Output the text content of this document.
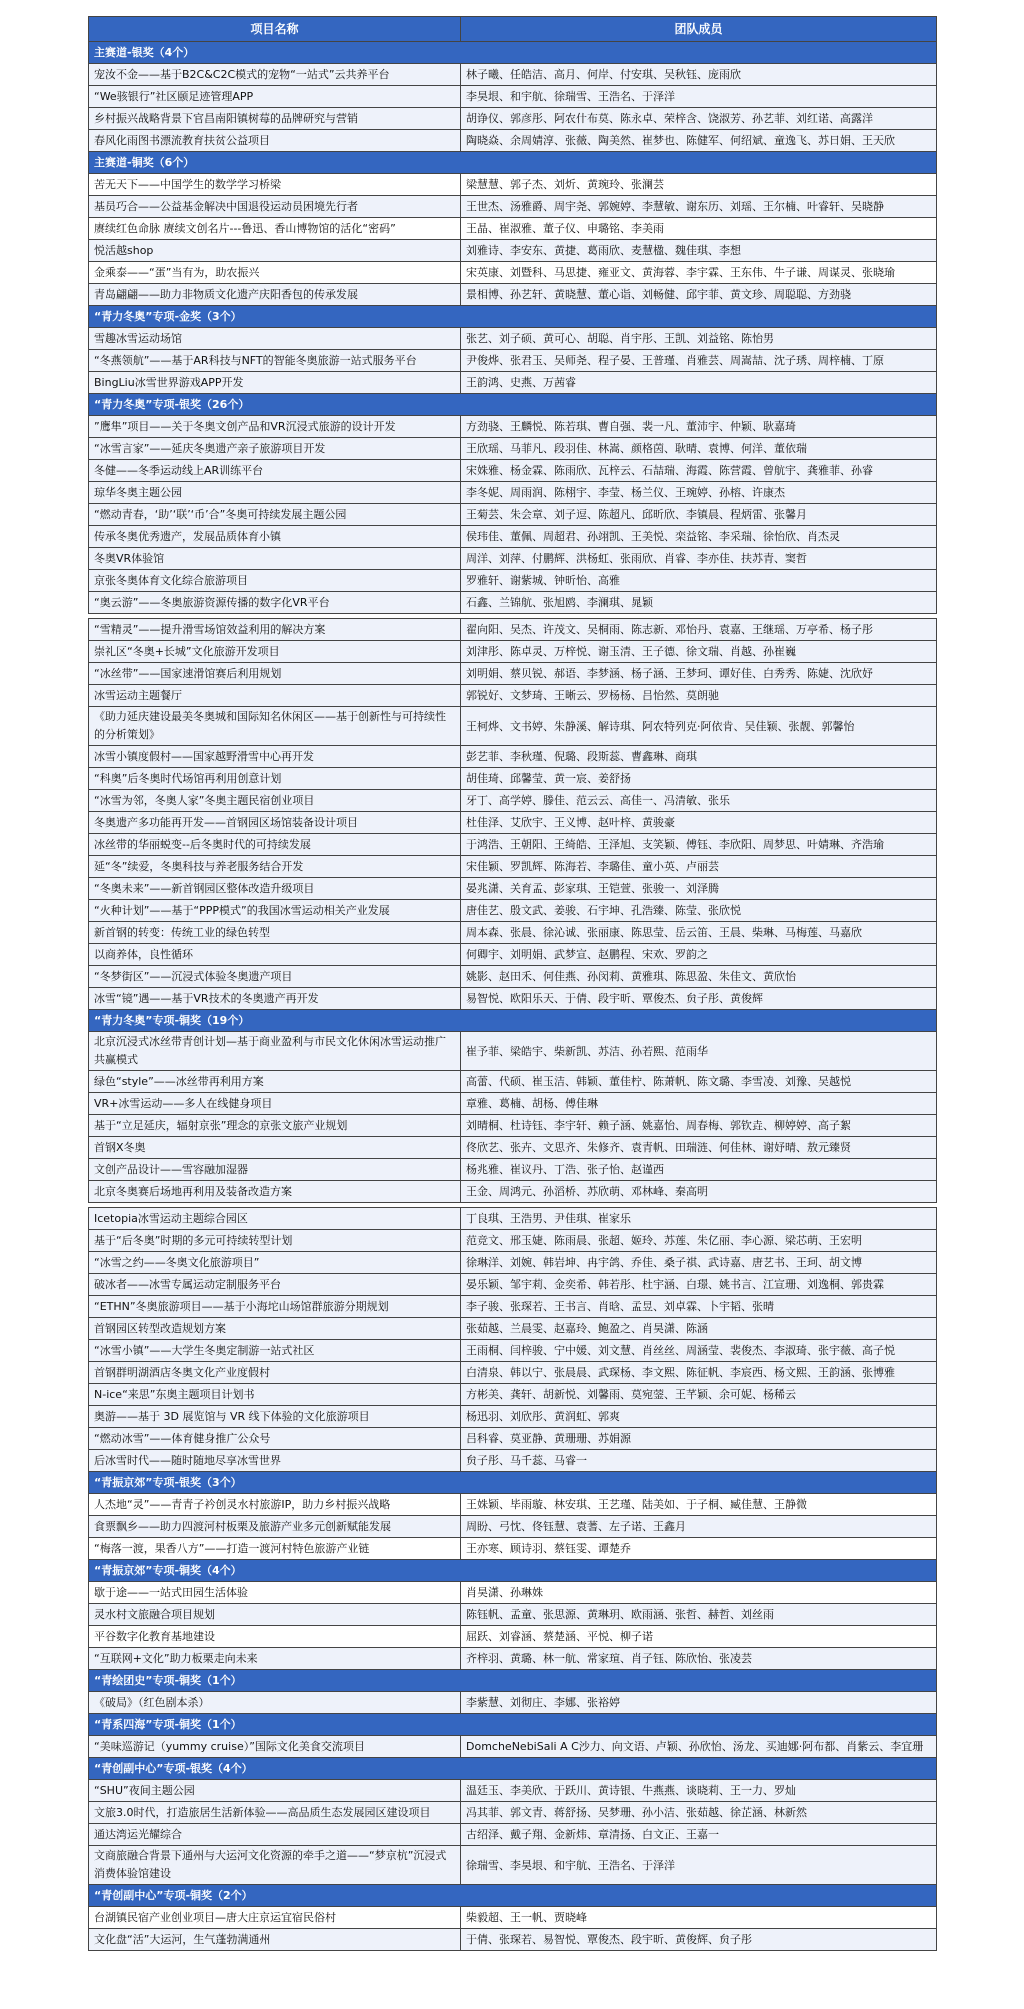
项目名称	团队成员
主赛道-银奖（4个）	
宠汝不金——基于B2C&C2C模式的宠物“一站式”云共养平台	林子曦、任皓洁、高月、何岸、付安琪、吴秋钰、庞雨欣
“We骇银行”社区颐足迹管理APP	李昊垠、和宇航、徐瑞雪、王浩名、于泽洋
乡村振兴战略背景下官昌南阳镇树莓的品牌研究与营销	胡诤仪、郭彦彤、阿农什布莫、陈永卓、荣梓含、饶淑芳、孙艺菲、刘红诺、高露洋
春风化雨图书漂流教育扶贫公益项目	陶晓焱、余周婧淳、张薇、陶美然、崔梦也、陈健军、何绍斌、童逸飞、苏日娟、王天欣
主赛道-铜奖（6个）	
苦无天下——中国学生的数学学习桥梁	梁慧慧、郭子杰、刘炘、黄琬玲、张澜芸
基员巧合——公益基金解决中国退役运动员困境先行者	王世杰、汤雅爵、周宇尧、郭婉婷、李慧敏、谢东历、刘瑶、王尔楠、叶睿轩、吴晓静
赓续红色命脉 赓续文创名片---鲁迅、香山博物馆的活化“密码”	王晶、崔淑雅、董子仪、申璐铭、李美雨
悦活越shop	刘雅诗、李安东、黄捷、葛雨欣、麦慧楹、魏佳琪、李想
金乘泰——“蛋”当有为，助农振兴	宋英康、刘暨科、马思捷、雍亚文、黄海蓉、李宇霖、王东伟、牛子谦、周谋灵、张晓瑜
青岛翩翩——助力非物质文化遗产庆阳香包的传承发展	景相博、孙艺轩、黄晓慧、董心诣、刘畅健、邱宇菲、黄文珍、周聪聪、方劲骁
“青力冬奥”专项-金奖（3个）	
雪趣冰雪运动场馆	张艺、刘子硕、黄可心、胡聪、肖宇彤、王凯、刘益铭、陈怡男
“冬燕领航”——基于AR科技与NFT的智能冬奥旅游一站式服务平台	尹俊烨、张君玉、吴师尧、程子晏、王普瑾、肖雅芸、周嵩喆、沈子琇、周梓楠、丁原
BingLiu冰雪世界游戏APP开发	王韵鸿、史燕、万茜睿
“青力冬奥”专项-银奖（26个）	
”鹰隼”项目——关于冬奥文创产品和VR沉浸式旅游的设计开发	方劲骁、王麟悦、陈若琪、曹自强、裴一凡、董沛宇、仲颖、耿嘉琦
“冰雪言家”——延庆冬奥遗产亲子旅游项目开发	王欣瑶、马菲凡、段羽佳、林嵩、颜格茵、耿晴、袁博、何洋、董依瑞
冬健——冬季运动线上AR训练平台	宋姝雅、杨金霖、陈雨欣、瓦梓云、石喆瑞、海霞、陈营霞、曾航宇、龚雅菲、孙睿
琼华冬奥主题公园	李冬妮、周雨润、陈栩宇、李莹、杨兰仪、王琬婷、孙榕、许康杰
“燃动青春，‘助’‘联’‘币’合”冬奥可持续发展主题公园	王菊芸、朱会章、刘子逗、陈超凡、邱昕欣、李镇晨、程炳雷、张馨月
传承冬奥优秀遗产，发展品质体育小镇	侯玮佳、董佩、周超君、孙翊凯、王美悦、栾益铭、李采瑞、徐怡欣、肖杰灵
冬奥VR体验馆	周洋、刘萍、付鹏辉、洪杨虹、张雨欣、肖睿、李亦佳、扶苏青、窦哲
京张冬奥体育文化综合旅游项目	罗雅轩、谢紫城、钟昕怡、高雅
“奥云游”——冬奥旅游资源传播的数字化VR平台	石鑫、兰锦航、张旭鸥、李澜琪、晁颖

“雪精灵”——提升滑雪场馆效益利用的解决方案	翟向阳、吴杰、许茂文、吴桐雨、陈志新、邓怡丹、袁嘉、王继瑶、万亭希、杨子彤
崇礼区“冬奥+长城”文化旅游开发项目	刘津彤、陈卓灵、万梓悦、谢玉清、王子德、徐文瑞、肖越、孙崔巍
“冰丝带”——国家速滑馆赛后利用规划	刘明娟、蔡贝锐、郝语、李梦涵、杨子涵、王梦珂、谭好佳、白秀秀、陈婕、沈欣妤
冰雪运动主题餐厅	郭锐好、文梦琦、王晰云、罗杨杨、吕怡然、莫朗驰
《助力延庆建设最美冬奥城和国际知名休闲区——基于创新性与可持续性的分析策划》	王柯烨、文书婷、朱静溪、解诗琪、阿农特列克·阿依肯、吴佳颖、张靓、郭馨怡
冰雪小镇度假村——国家越野滑雪中心再开发	彭艺菲、李秋瑾、倪璐、段斯蕊、曹鑫琳、商琪
“科奥”后冬奥时代场馆再利用创意计划	胡佳琦、邱馨莹、黄一宸、姜舒扬
“冰雪为邻，冬奥人家”冬奥主题民宿创业项目	牙丁、高学婷、滕佳、范云云、高佳一、冯清敏、张乐
冬奥遗产多功能再开发——首钢园区场馆装备设计项目	杜佳泽、艾欣宇、王义博、赵叶梓、黄骏豪
冰丝带的华丽蜕变--后冬奥时代的可持续发展	于鸿浩、王朝阳、王绮皓、王泽旭、支笑颖、傅钰、李欣阳、周梦思、叶婧琳、齐浩瑜
延“冬”续爱，冬奥科技与养老服务结合开发	宋佳颖、罗凯辉、陈海若、李璐佳、童小英、卢丽芸
“冬奥未来”——新首钢园区整体改造升级项目	晏兆潇、关育孟、彭家琪、王铠萱、张骏一、刘泽腾
“火种计划”——基于“PPP模式”的我国冰雪运动相关产业发展	唐佳艺、殷文武、姜骏、石宇坤、孔浩臻、陈莹、张欣悦
新首钢的转变：传统工业的绿色转型	周本森、张晨、徐沁诚、张丽康、陈思莹、岳云笛、王晨、柴琳、马梅莲、马嘉欣
以商养体，良性循环	何卿宇、刘明娟、武梦宣、赵鹏程、宋欢、罗韵之
“冬梦街区”——沉浸式体验冬奥遗产项目	姚影、赵田禾、何佳燕、孙闵莉、黄雅琪、陈思盈、朱佳文、黄欣怡
冰雪“镜”遇——基于VR技术的冬奥遗产再开发	易智悦、欧阳乐天、于倩、段宇昕、覃俊杰、贠子彤、黄俊辉
“青力冬奥”专项-铜奖（19个）	
北京沉浸式冰丝带青创计划—基于商业盈利与市民文化休闲冰雪运动推广共赢模式	崔予菲、梁皓宇、柴新凯、苏洁、孙若熙、范雨华
绿色“style”——冰丝带再利用方案	高蕾、代硕、崔玉洁、韩颖、董佳柠、陈萧帆、陈文璐、李雪凌、刘豫、吴越悦
VR+冰雪运动——多人在线健身项目	章雅、葛楠、胡杨、傅佳琳
基于“立足延庆，辐射京张”理念的京张文旅产业规划	刘晴桐、杜诗钰、李宇轩、赖子涵、姚嘉怡、周春梅、郭钦垚、柳婷婷、高子絮
首钢X冬奥	佟欣艺、张卉、文思齐、朱修齐、袁青帆、田瑞涟、何佳林、谢妤晴、敖元臻贤
文创产品设计——雪容融加湿器	杨兆雅、崔议丹、丁浩、张子怡、赵谨西
北京冬奥赛后场地再利用及装备改造方案	王金、周鸿元、孙滔桥、苏欣萌、邓林峰、秦高明

Icetopia冰雪运动主题综合园区	丁良琪、王浩男、尹佳琪、崔家乐
基于“后冬奥”时期的多元可持续转型计划	范竞文、邢玉婕、陈雨晨、张超、姬玲、苏莲、朱亿丽、李心源、梁芯萌、王宏明
“冰雪之约——冬奥文化旅游项目”	徐琳洋、刘婉、韩岩坤、冉宇鸽、乔佳、桑子祺、武诗嘉、唐艺书、王珂、胡文博
破冰者——冰雪专属运动定制服务平台	晏乐颖、邹宇莉、金奕希、韩若彤、杜宇涵、白璟、姚书言、江宣珊、刘逸桐、郭贵霖
“ETHN”冬奥旅游项目——基于小海坨山场馆群旅游分期规划	李子骏、张琛若、王书言、肖晗、孟昱、刘卓霖、卜宇韬、张晴
首钢园区转型改造规划方案	张茹越、兰晨雯、赵嘉玲、鲍盈之、肖昊潇、陈涵
“冰雪小镇”——大学生冬奥定制游一站式社区	王雨桐、闫梓骏、宁中媛、刘文慧、肖丝丝、周涵莹、裴俊杰、李淑琦、张宇薇、高子悦
首钢群明湖酒店冬奥文化产业度假村	白清泉、韩以宁、张晨晨、武琛杨、李文熙、陈征帆、李宸西、杨文熙、王韵涵、张博雅
N-ice“来思”东奥主题项目计划书	方彬美、龚轩、胡新悦、刘馨雨、莫宛蓥、王芊颖、余可妮、杨稀云
奥游——基于 3D 展览馆与 VR 线下体验的文化旅游项目	杨迅羽、刘欣彤、黄润虹、郭爽
“燃动冰雪”——体育健身推广公众号	吕科睿、莫亚静、黄珊珊、苏娟源
后冰雪时代——随时随地尽享冰雪世界	贠子彤、马千蕊、马睿一
“青振京郊”专项-银奖（3个）	
人杰地“灵”——青青子衿创灵水村旅游IP，助力乡村振兴战略	王姝颖、毕雨璇、林安琪、王艺瑾、陆美如、于子桐、臧佳慧、王静微
食票飘乡——助力四渡河村板栗及旅游产业多元创新赋能发展	周盼、弓忱、佟钰慧、袁蓍、左子诺、王鑫月
“梅落一渡，果香八方”——打造一渡河村特色旅游产业链	王亦寒、顾诗羽、蔡钰雯、谭楚乔
“青振京郊”专项-铜奖（4个）	
歇于途——一站式田园生活体验	肖昊潇、孙琳姝
灵水村文旅融合项目规划	陈钰帆、孟童、张思源、黄琳玥、欧雨涵、张哲、赫哲、刘丝雨
平谷数字化教育基地建设	屈跃、刘睿涵、蔡楚涵、平悦、柳子诺
“互联网+文化”助力板栗走向未来	齐梓羽、黄璐、林一航、常家瑄、肖子钰、陈欣怡、张凌芸
“青绘团史”专项-铜奖（1个）	
《破局》（红色剧本杀）	李紫慧、刘彻庄、李娜、张裕婷
“青系四海”专项-铜奖（1个）	
“美味巡游记（yummy cruise）”国际文化美食交流项目	DomcheNebiSali A C沙力、向文语、卢颖、孙欣怡、汤龙、买迪娜·阿布都、肖紫云、李宜珊
“青创副中心”专项-银奖（4个）	
“SHU”夜间主题公园	温廷玉、李美欣、于跃川、黄诗银、牛燕燕、谈晓莉、王一力、罗灿
文旅3.0时代，打造旅居生活新体验——高品质生态发展园区建设项目	冯其菲、郭文青、蒋舒扬、吴梦珊、孙小洁、张茹越、徐芷涵、林新然
通达湾运光耀综合	古绍泽、戴子翔、金新炜、章清扬、白文正、王嘉一
文商旅融合背景下通州与大运河文化资源的牵手之道——“梦京杭”沉浸式消费体验馆建设	徐瑞雪、李昊垠、和宇航、王浩名、于泽洋
“青创副中心”专项-铜奖（2个）	
台湖镇民宿产业创业项目—唐大庄京运宜宿民俗村	柴毅超、王一帆、贾晓峰
文化盘“活”大运河，生气蓬勃满通州	于倩、张琛若、易智悦、覃俊杰、段宇昕、黄俊辉、贠子彤
